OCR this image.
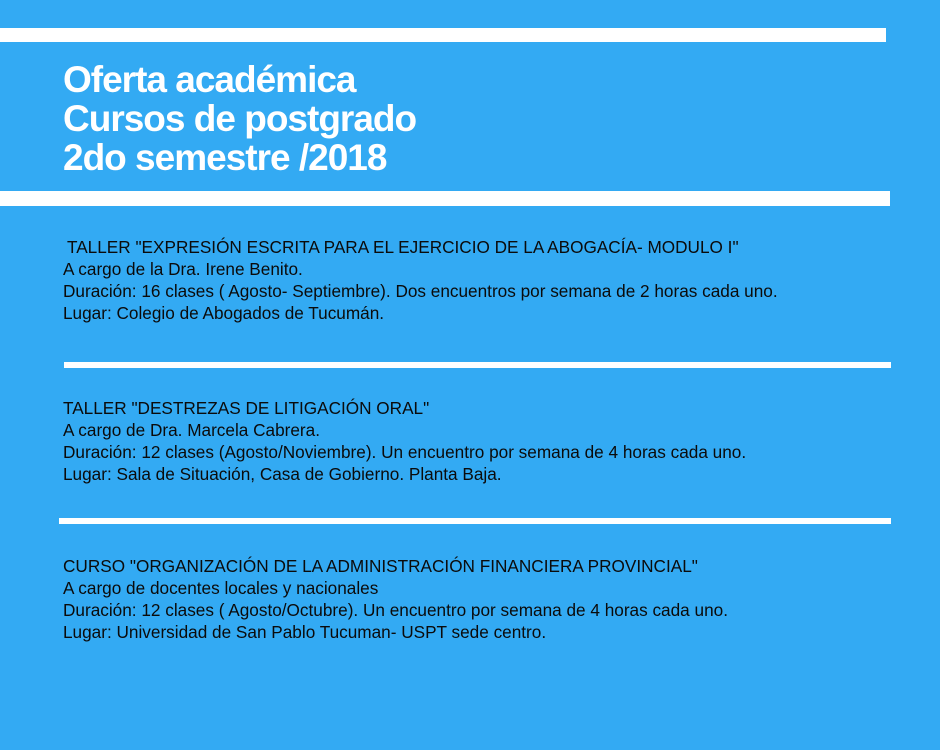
Oferta académica
Cursos de postgrado
2do semestre /2018
TALLER "EXPRESIÓN ESCRITA PARA EL EJERCICIO DE LA ABOGACÍA- MODULO I"
A cargo de la Dra. Irene Benito.
Duración: 16 clases ( Agosto- Septiembre). Dos encuentros por semana de 2 horas cada uno.
Lugar: Colegio de Abogados de Tucumán.
TALLER "DESTREZAS DE LITIGACIÓN ORAL"
A cargo de Dra. Marcela Cabrera.
Duración: 12 clases (Agosto/Noviembre). Un encuentro por semana de 4 horas cada uno.
Lugar: Sala de Situación, Casa de Gobierno. Planta Baja.
CURSO "ORGANIZACIÓN DE LA ADMINISTRACIÓN FINANCIERA PROVINCIAL"
A cargo de docentes locales y nacionales
Duración: 12 clases ( Agosto/Octubre). Un encuentro por semana de 4 horas cada uno.
Lugar: Universidad de San Pablo Tucuman- USPT sede centro.
